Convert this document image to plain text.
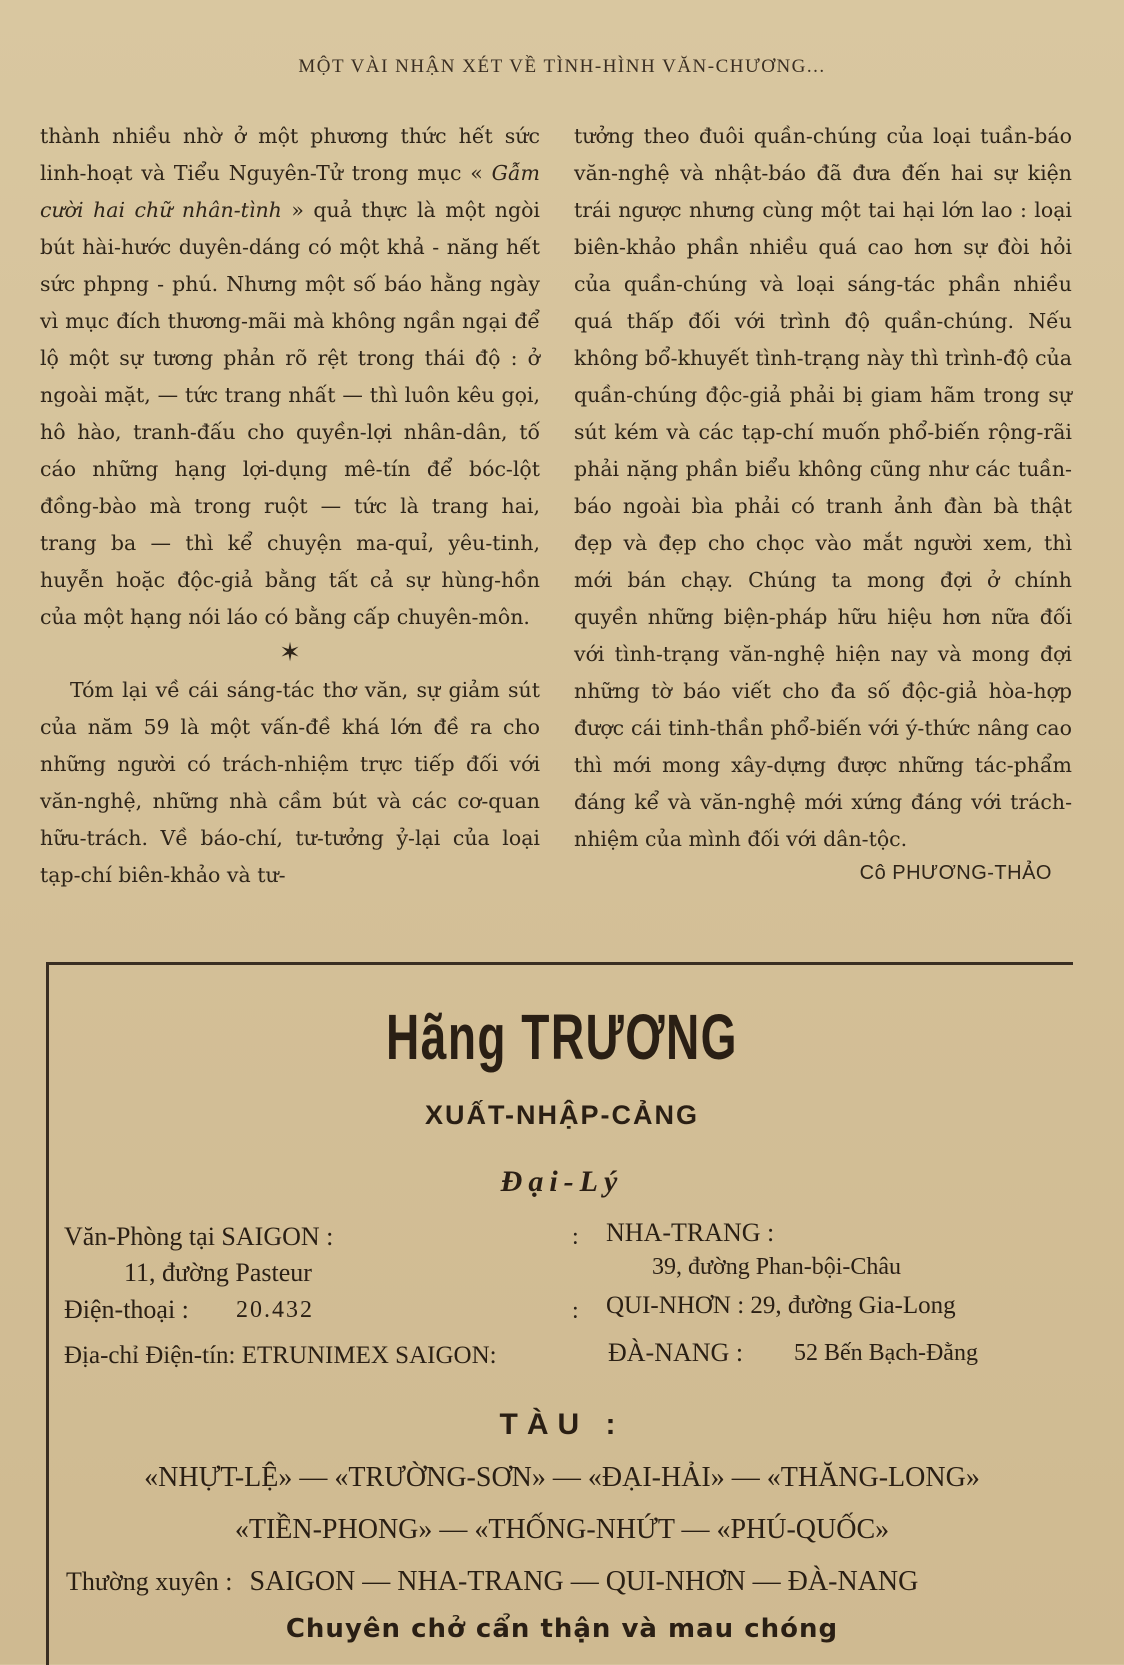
MỘT VÀI NHẬN XÉT VỀ TÌNH-HÌNH VĂN-CHƯƠNG...

thành nhiều nhờ ở một phương thức hết sức linh-hoạt và Tiểu Nguyên-Tử trong mục « Gẫm cười hai chữ nhân-tình » quả thực là một ngòi bút hài-hước duyên-dáng có một khả - năng hết sức phpng - phú. Nhưng một số báo hằng ngày vì mục đích thương-mãi mà không ngần ngại để lộ một sự tương phản rõ rệt trong thái độ : ở ngoài mặt, — tức trang nhất — thì luôn kêu gọi, hô hào, tranh-đấu cho quyền-lợi nhân-dân, tố cáo những hạng lợi-dụng mê-tín để bóc-lột đồng-bào mà trong ruột — tức là trang hai, trang ba — thì kể chuyện ma-quỉ, yêu-tinh, huyễn hoặc độc-giả bằng tất cả sự hùng-hồn của một hạng nói láo có bằng cấp chuyên-môn.

✶

Tóm lại về cái sáng-tác thơ văn, sự giảm sút của năm 59 là một vấn-đề khá lớn đề ra cho những người có trách-nhiệm trực tiếp đối với văn-nghệ, những nhà cầm bút và các cơ-quan hữu-trách. Về báo-chí, tư-tưởng ỷ-lại của loại tạp-chí biên-khảo và tư-

tưởng theo đuôi quần-chúng của loại tuần-báo văn-nghệ và nhật-báo đã đưa đến hai sự kiện trái ngược nhưng cùng một tai hại lớn lao : loại biên-khảo phần nhiều quá cao hơn sự đòi hỏi của quần-chúng và loại sáng-tác phần nhiều quá thấp đối với trình độ quần-chúng. Nếu không bổ-khuyết tình-trạng này thì trình-độ của quần-chúng độc-giả phải bị giam hãm trong sự sút kém và các tạp-chí muốn phổ-biến rộng-rãi phải nặng phần biểu không cũng như các tuần-báo ngoài bìa phải có tranh ảnh đàn bà thật đẹp và đẹp cho chọc vào mắt người xem, thì mới bán chạy. Chúng ta mong đợi ở chính quyền những biện-pháp hữu hiệu hơn nữa đối với tình-trạng văn-nghệ hiện nay và mong đợi những tờ báo viết cho đa số độc-giả hòa-hợp được cái tinh-thần phổ-biến với ý-thức nâng cao thì mới mong xây-dựng được những tác-phẩm đáng kể và văn-nghệ mới xứng đáng với trách-nhiệm của mình đối với dân-tộc.

Cô PHƯƠNG-THẢO
Hãng TRƯƠNG
XUẤT-NHẬP-CẢNG
Đại-Lý
Văn-Phòng tại SAIGON :
11, đường Pasteur
Điện-thoại : 20.432
Địa-chỉ Điện-tín: ETRUNIMEX SAIGON:
:
:
NHA-TRANG :
39, đường Phan-bội-Châu
QUI-NHƠN : 29, đường Gia-Long
ĐÀ-NANG : 52 Bến Bạch-Đằng
TÀU :
«NHỰT-LỆ» — «TRƯỜNG-SƠN» — «ĐẠI-HẢI» — «THĂNG-LONG»
«TIỀN-PHONG» — «THỐNG-NHỨT — «PHÚ-QUỐC»
Thường xuyên : SAIGON — NHA-TRANG — QUI-NHƠN — ĐÀ-NANG
Chuyên chở cẩn thận và mau chóng
